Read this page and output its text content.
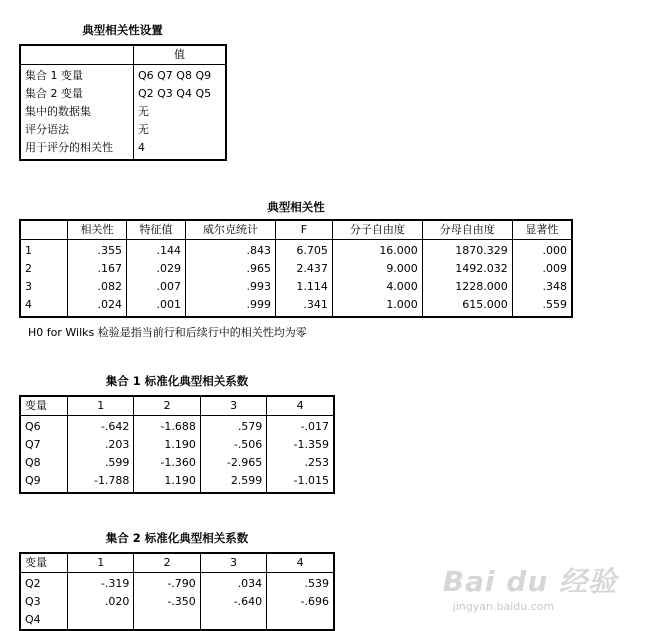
典型相关性设置
	值
集合 1 变量	Q6 Q7 Q8 Q9
集合 2 变量	Q2 Q3 Q4 Q5
集中的数据集	无
评分语法	无
用于评分的相关性	4
典型相关性
	相关性	特征值	威尔克统计	F	分子自由度	分母自由度	显著性
1	.355	.144	.843	6.705	16.000	1870.329	.000
2	.167	.029	.965	2.437	9.000	1492.032	.009
3	.082	.007	.993	1.114	4.000	1228.000	.348
4	.024	.001	.999	.341	1.000	615.000	.559
H0 for Wilks 检验是指当前行和后续行中的相关性均为零
集合 1 标准化典型相关系数
变量	1	2	3	4
Q6	-.642	-1.688	.579	-.017
Q7	.203	1.190	-.506	-1.359
Q8	.599	-1.360	-2.965	.253
Q9	-1.788	1.190	2.599	-1.015
集合 2 标准化典型相关系数
变量	1	2	3	4
Q2	-.319	-.790	.034	.539
Q3	.020	-.350	-.640	-.696
Q4				
Bai du 经验
jingyan.baidu.com
